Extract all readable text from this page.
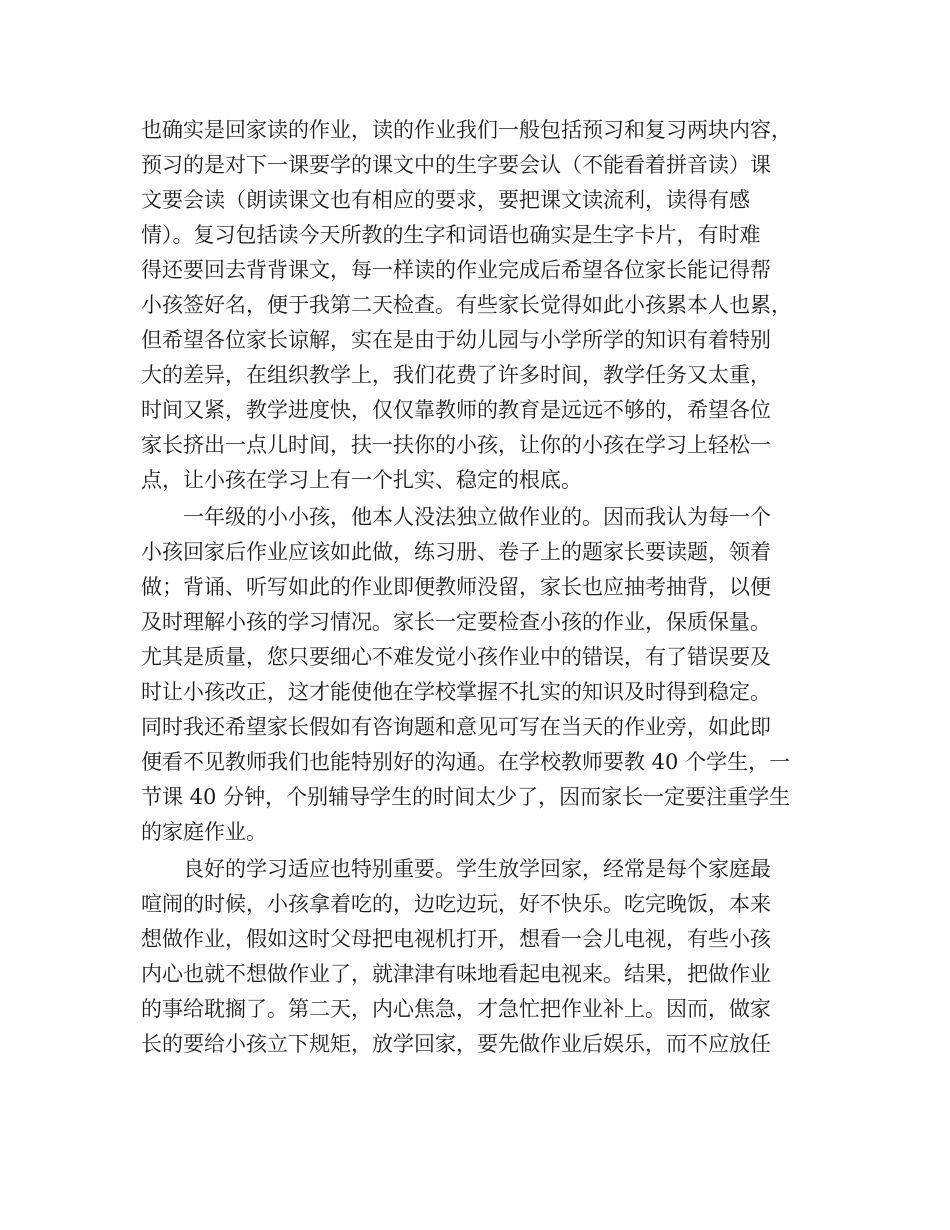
也确实是回家读的作业，读的作业我们一般包括预习和复习两块内容，
预习的是对下一课要学的课文中的生字要会认（不能看着拼音读）课
文要会读（朗读课文也有相应的要求，要把课文读流利，读得有感
情）。复习包括读今天所教的生字和词语也确实是生字卡片，有时难
得还要回去背背课文，每一样读的作业完成后希望各位家长能记得帮
小孩签好名，便于我第二天检查。有些家长觉得如此小孩累本人也累，
但希望各位家长谅解，实在是由于幼儿园与小学所学的知识有着特别
大的差异，在组织教学上，我们花费了许多时间，教学任务又太重，
时间又紧，教学进度快，仅仅靠教师的教育是远远不够的，希望各位
家长挤出一点儿时间，扶一扶你的小孩，让你的小孩在学习上轻松一
点，让小孩在学习上有一个扎实、稳定的根底。
　　一年级的小小孩，他本人没法独立做作业的。因而我认为每一个
小孩回家后作业应该如此做，练习册、卷子上的题家长要读题，领着
做；背诵、听写如此的作业即便教师没留，家长也应抽考抽背，以便
及时理解小孩的学习情况。家长一定要检查小孩的作业，保质保量。
尤其是质量，您只要细心不难发觉小孩作业中的错误，有了错误要及
时让小孩改正，这才能使他在学校掌握不扎实的知识及时得到稳定。
同时我还希望家长假如有咨询题和意见可写在当天的作业旁，如此即
便看不见教师我们也能特别好的沟通。在学校教师要教 40 个学生，一
节课 40 分钟，个别辅导学生的时间太少了，因而家长一定要注重学生
的家庭作业。
　　良好的学习适应也特别重要。学生放学回家，经常是每个家庭最
喧闹的时候，小孩拿着吃的，边吃边玩，好不快乐。吃完晚饭，本来
想做作业，假如这时父母把电视机打开，想看一会儿电视，有些小孩
内心也就不想做作业了，就津津有味地看起电视来。结果，把做作业
的事给耽搁了。第二天，内心焦急，才急忙把作业补上。因而，做家
长的要给小孩立下规矩，放学回家，要先做作业后娱乐，而不应放任
